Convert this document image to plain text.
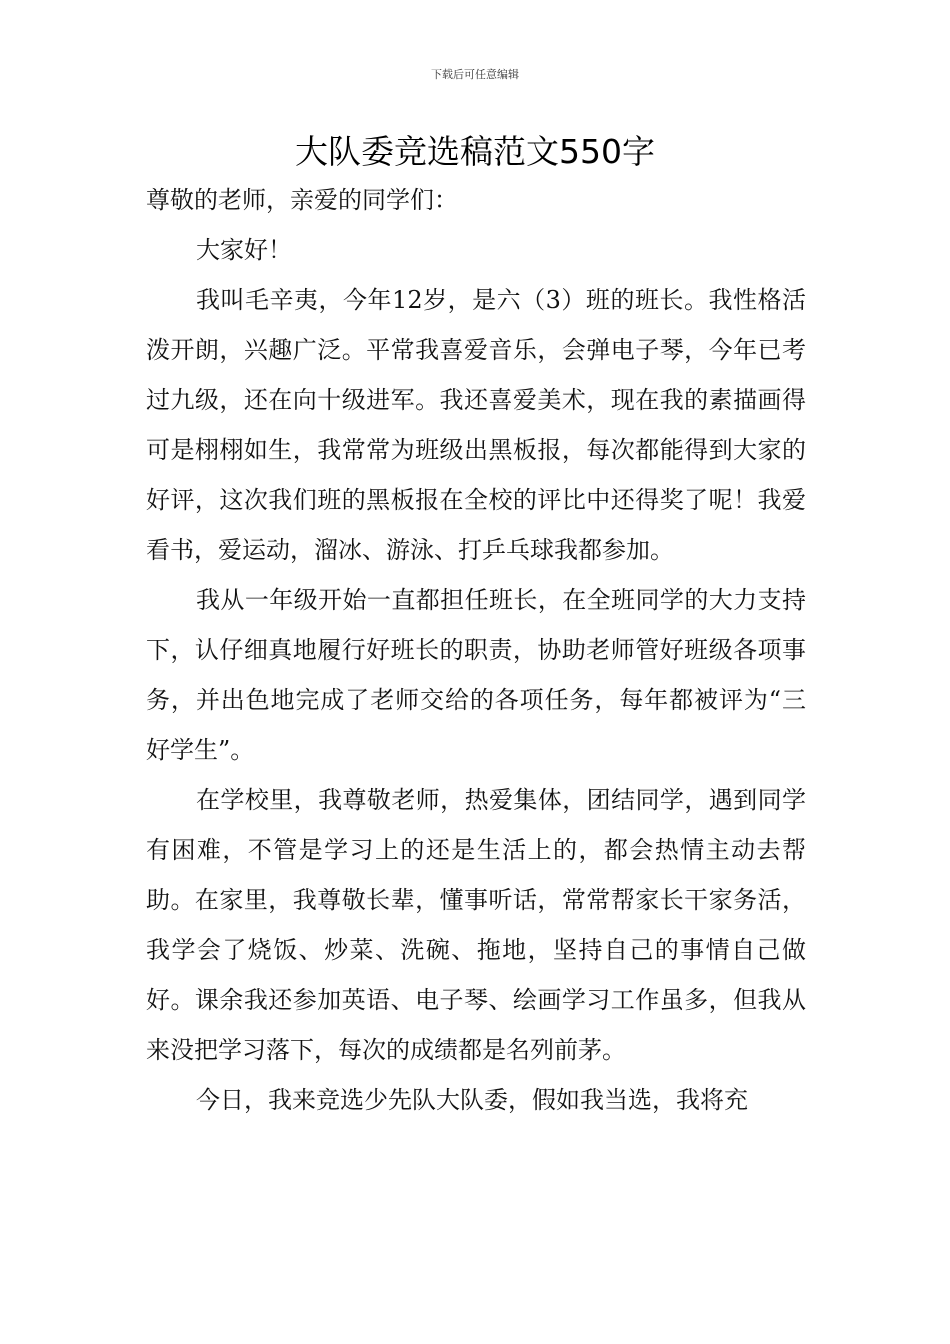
下载后可任意编辑
大队委竞选稿范文550字

尊敬的老师，亲爱的同学们：

大家好！

我叫毛辛夷，今年12岁，是六（3）班的班长。我性格活泼开朗，兴趣广泛。平常我喜爱音乐，会弹电子琴，今年已考过九级，还在向十级进军。我还喜爱美术，现在我的素描画得可是栩栩如生，我常常为班级出黑板报，每次都能得到大家的好评，这次我们班的黑板报在全校的评比中还得奖了呢！我爱看书，爱运动，溜冰、游泳、打乒乓球我都参加。

我从一年级开始一直都担任班长，在全班同学的大力支持下，认仔细真地履行好班长的职责，协助老师管好班级各项事务，并出色地完成了老师交给的各项任务，每年都被评为“三好学生”。

在学校里，我尊敬老师，热爱集体，团结同学，遇到同学有困难，不管是学习上的还是生活上的，都会热情主动去帮助。在家里，我尊敬长辈，懂事听话，常常帮家长干家务活，我学会了烧饭、炒菜、洗碗、拖地，坚持自己的事情自己做好。课余我还参加英语、电子琴、绘画学习工作虽多，但我从来没把学习落下，每次的成绩都是名列前茅。

今日，我来竞选少先队大队委，假如我当选，我将充
